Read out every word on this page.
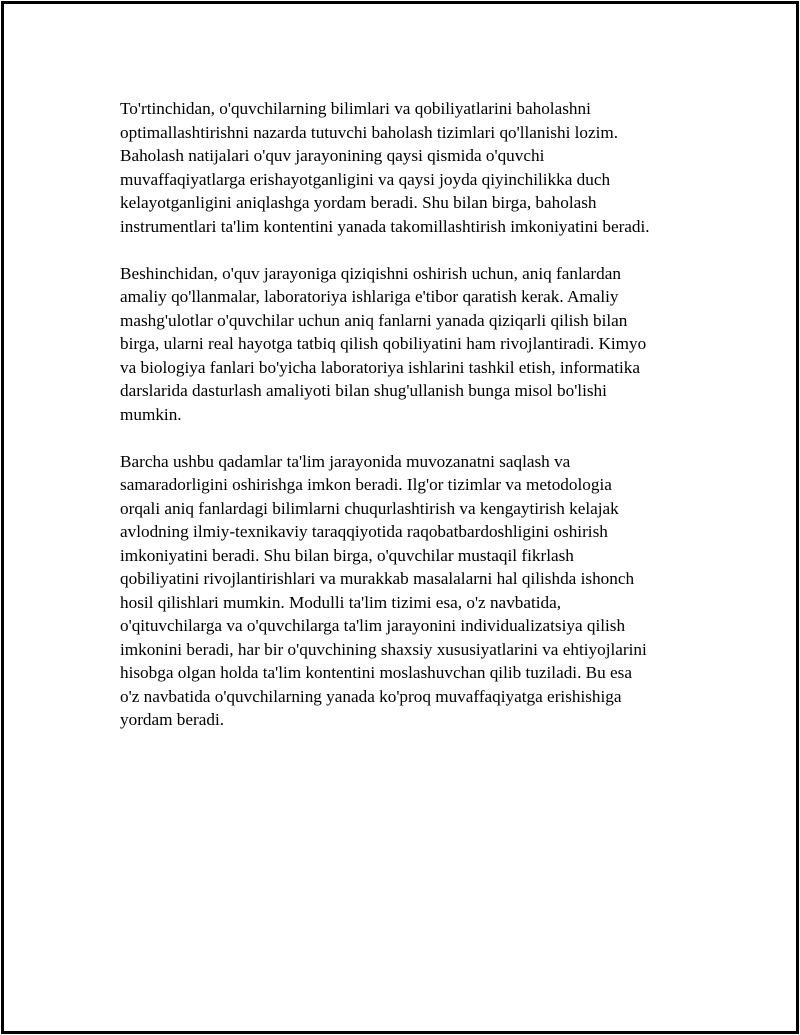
To'rtinchidan, o'quvchilarning bilimlari va qobiliyatlarini baholashni
optimallashtirishni nazarda tutuvchi baholash tizimlari qo'llanishi lozim.
Baholash natijalari o'quv jarayonining qaysi qismida o'quvchi
muvaffaqiyatlarga erishayotganligini va qaysi joyda qiyinchilikka duch
kelayotganligini aniqlashga yordam beradi. Shu bilan birga, baholash
instrumentlari ta'lim kontentini yanada takomillashtirish imkoniyatini beradi.
Beshinchidan, o'quv jarayoniga qiziqishni oshirish uchun, aniq fanlardan
amaliy qo'llanmalar, laboratoriya ishlariga e'tibor qaratish kerak. Amaliy
mashg'ulotlar o'quvchilar uchun aniq fanlarni yanada qiziqarli qilish bilan
birga, ularni real hayotga tatbiq qilish qobiliyatini ham rivojlantiradi. Kimyo
va biologiya fanlari bo'yicha laboratoriya ishlarini tashkil etish, informatika
darslarida dasturlash amaliyoti bilan shug'ullanish bunga misol bo'lishi
mumkin.
Barcha ushbu qadamlar ta'lim jarayonida muvozanatni saqlash va
samaradorligini oshirishga imkon beradi. Ilg'or tizimlar va metodologia
orqali aniq fanlardagi bilimlarni chuqurlashtirish va kengaytirish kelajak
avlodning ilmiy-texnikaviy taraqqiyotida raqobatbardoshligini oshirish
imkoniyatini beradi. Shu bilan birga, o'quvchilar mustaqil fikrlash
qobiliyatini rivojlantirishlari va murakkab masalalarni hal qilishda ishonch
hosil qilishlari mumkin. Modulli ta'lim tizimi esa, o'z navbatida,
o'qituvchilarga va o'quvchilarga ta'lim jarayonini individualizatsiya qilish
imkonini beradi, har bir o'quvchining shaxsiy xususiyatlarini va ehtiyojlarini
hisobga olgan holda ta'lim kontentini moslashuvchan qilib tuziladi. Bu esa
o'z navbatida o'quvchilarning yanada ko'proq muvaffaqiyatga erishishiga
yordam beradi.
